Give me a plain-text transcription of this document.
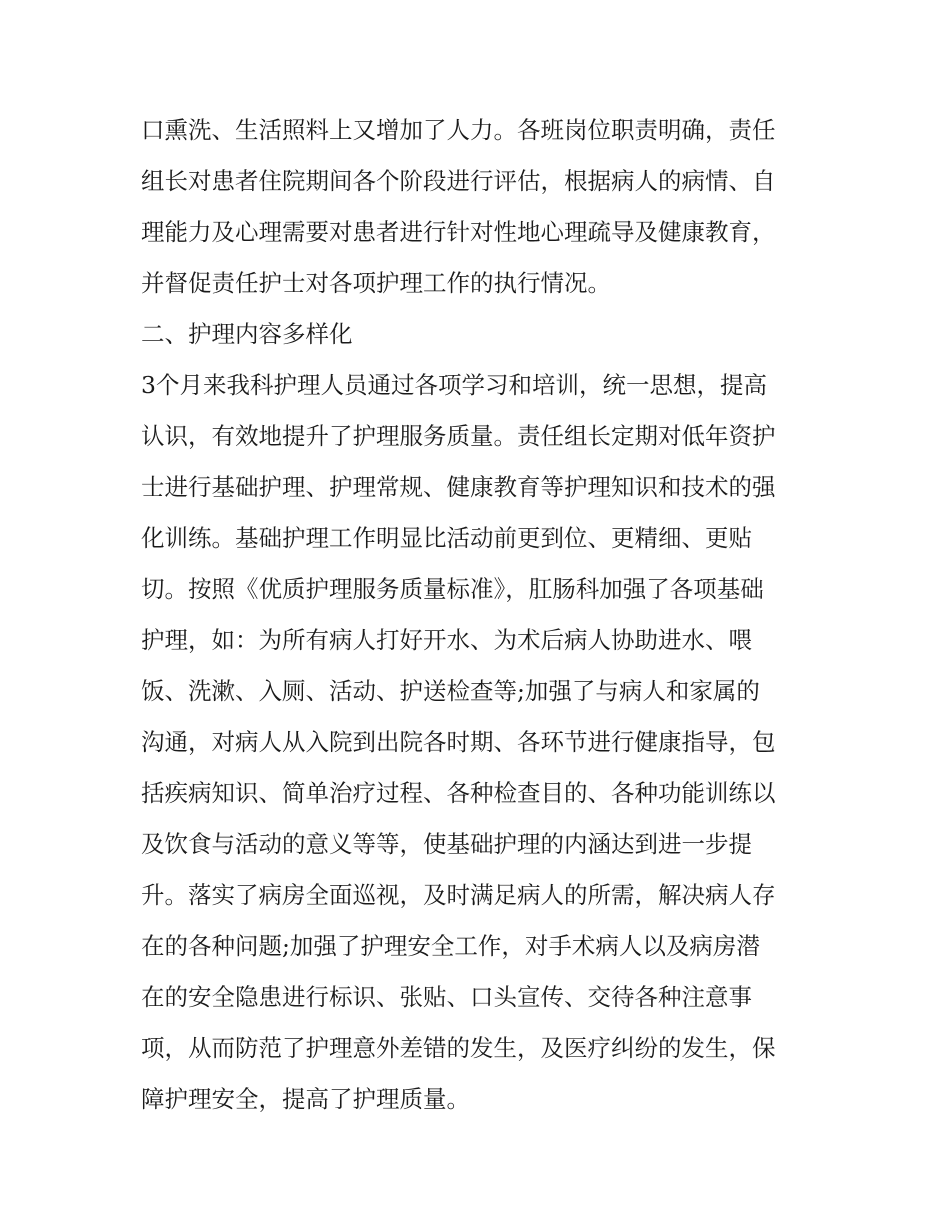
口熏洗、生活照料上又增加了人力。各班岗位职责明确，责任

组长对患者住院期间各个阶段进行评估，根据病人的病情、自

理能力及心理需要对患者进行针对性地心理疏导及健康教育，

并督促责任护士对各项护理工作的执行情况。

二、护理内容多样化

3个月来我科护理人员通过各项学习和培训，统一思想，提高

认识，有效地提升了护理服务质量。责任组长定期对低年资护

士进行基础护理、护理常规、健康教育等护理知识和技术的强

化训练。基础护理工作明显比活动前更到位、更精细、更贴

切。按照《优质护理服务质量标准》，肛肠科加强了各项基础

护理，如：为所有病人打好开水、为术后病人协助进水、喂

饭、洗漱、入厕、活动、护送检查等;加强了与病人和家属的

沟通，对病人从入院到出院各时期、各环节进行健康指导，包

括疾病知识、简单治疗过程、各种检查目的、各种功能训练以

及饮食与活动的意义等等，使基础护理的内涵达到进一步提

升。落实了病房全面巡视，及时满足病人的所需，解决病人存

在的各种问题;加强了护理安全工作，对手术病人以及病房潜

在的安全隐患进行标识、张贴、口头宣传、交待各种注意事

项，从而防范了护理意外差错的发生，及医疗纠纷的发生，保

障护理安全，提高了护理质量。
